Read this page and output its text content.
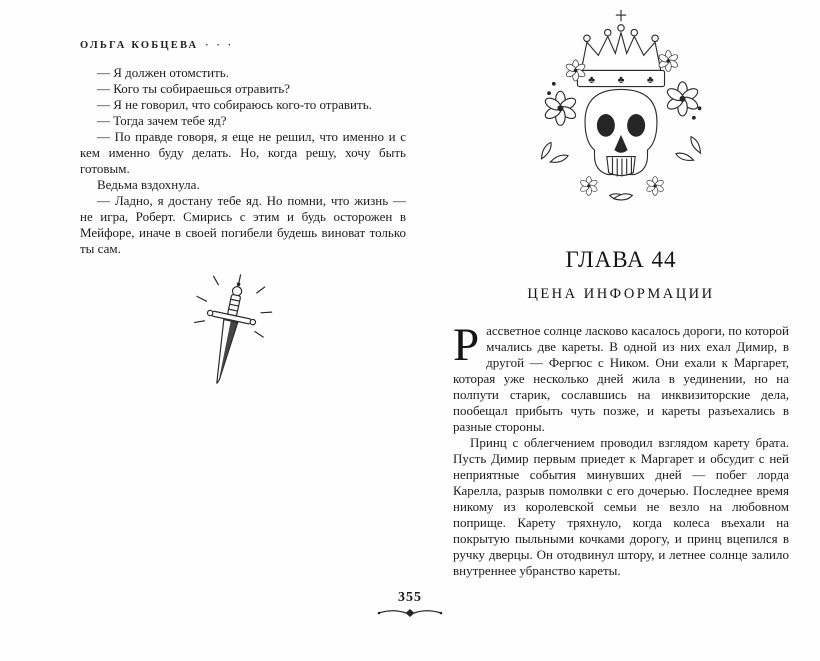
ОЛЬГА КОБЦЕВА · · ·

— Я должен отомстить.

— Кого ты собираешься отравить?

— Я не говорил, что собираюсь кого-то отравить.

— Тогда зачем тебе яд?

— По правде говоря, я еще не решил, что именно и с кем именно буду делать. Но, когда решу, хочу быть готовым.

Ведьма вздохнула.

— Ладно, я достану тебе яд. Но помни, что жизнь — не игра, Роберт. Смирись с этим и будь осторожен в Мейфоре, иначе в своей погибели будешь виноват только ты сам.

♣ ♣ ♣
ГЛАВА 44
ЦЕНА ИНФОРМАЦИИ

Рассветное солнце ласково касалось дороги, по которой мчались две кареты. В одной из них ехал Димир, в другой — Фергюс с Ником. Они ехали к Маргарет, которая уже несколько дней жила в уединении, но на полпути старик, сославшись на инквизиторские дела, пообещал прибыть чуть позже, и кареты разъехались в разные стороны.

Принц с облегчением проводил взглядом карету брата. Пусть Димир первым приедет к Маргарет и обсудит с ней неприятные события минувших дней — побег лорда Карелла, разрыв помолвки с его дочерью. Последнее время никому из королевской семьи не везло на любовном поприще. Карету тряхнуло, когда колеса въехали на покрытую пыльными кочками дорогу, и принц вцепился в ручку дверцы. Он отодвинул штору, и летнее солнце залило внутреннее убранство кареты.

355
